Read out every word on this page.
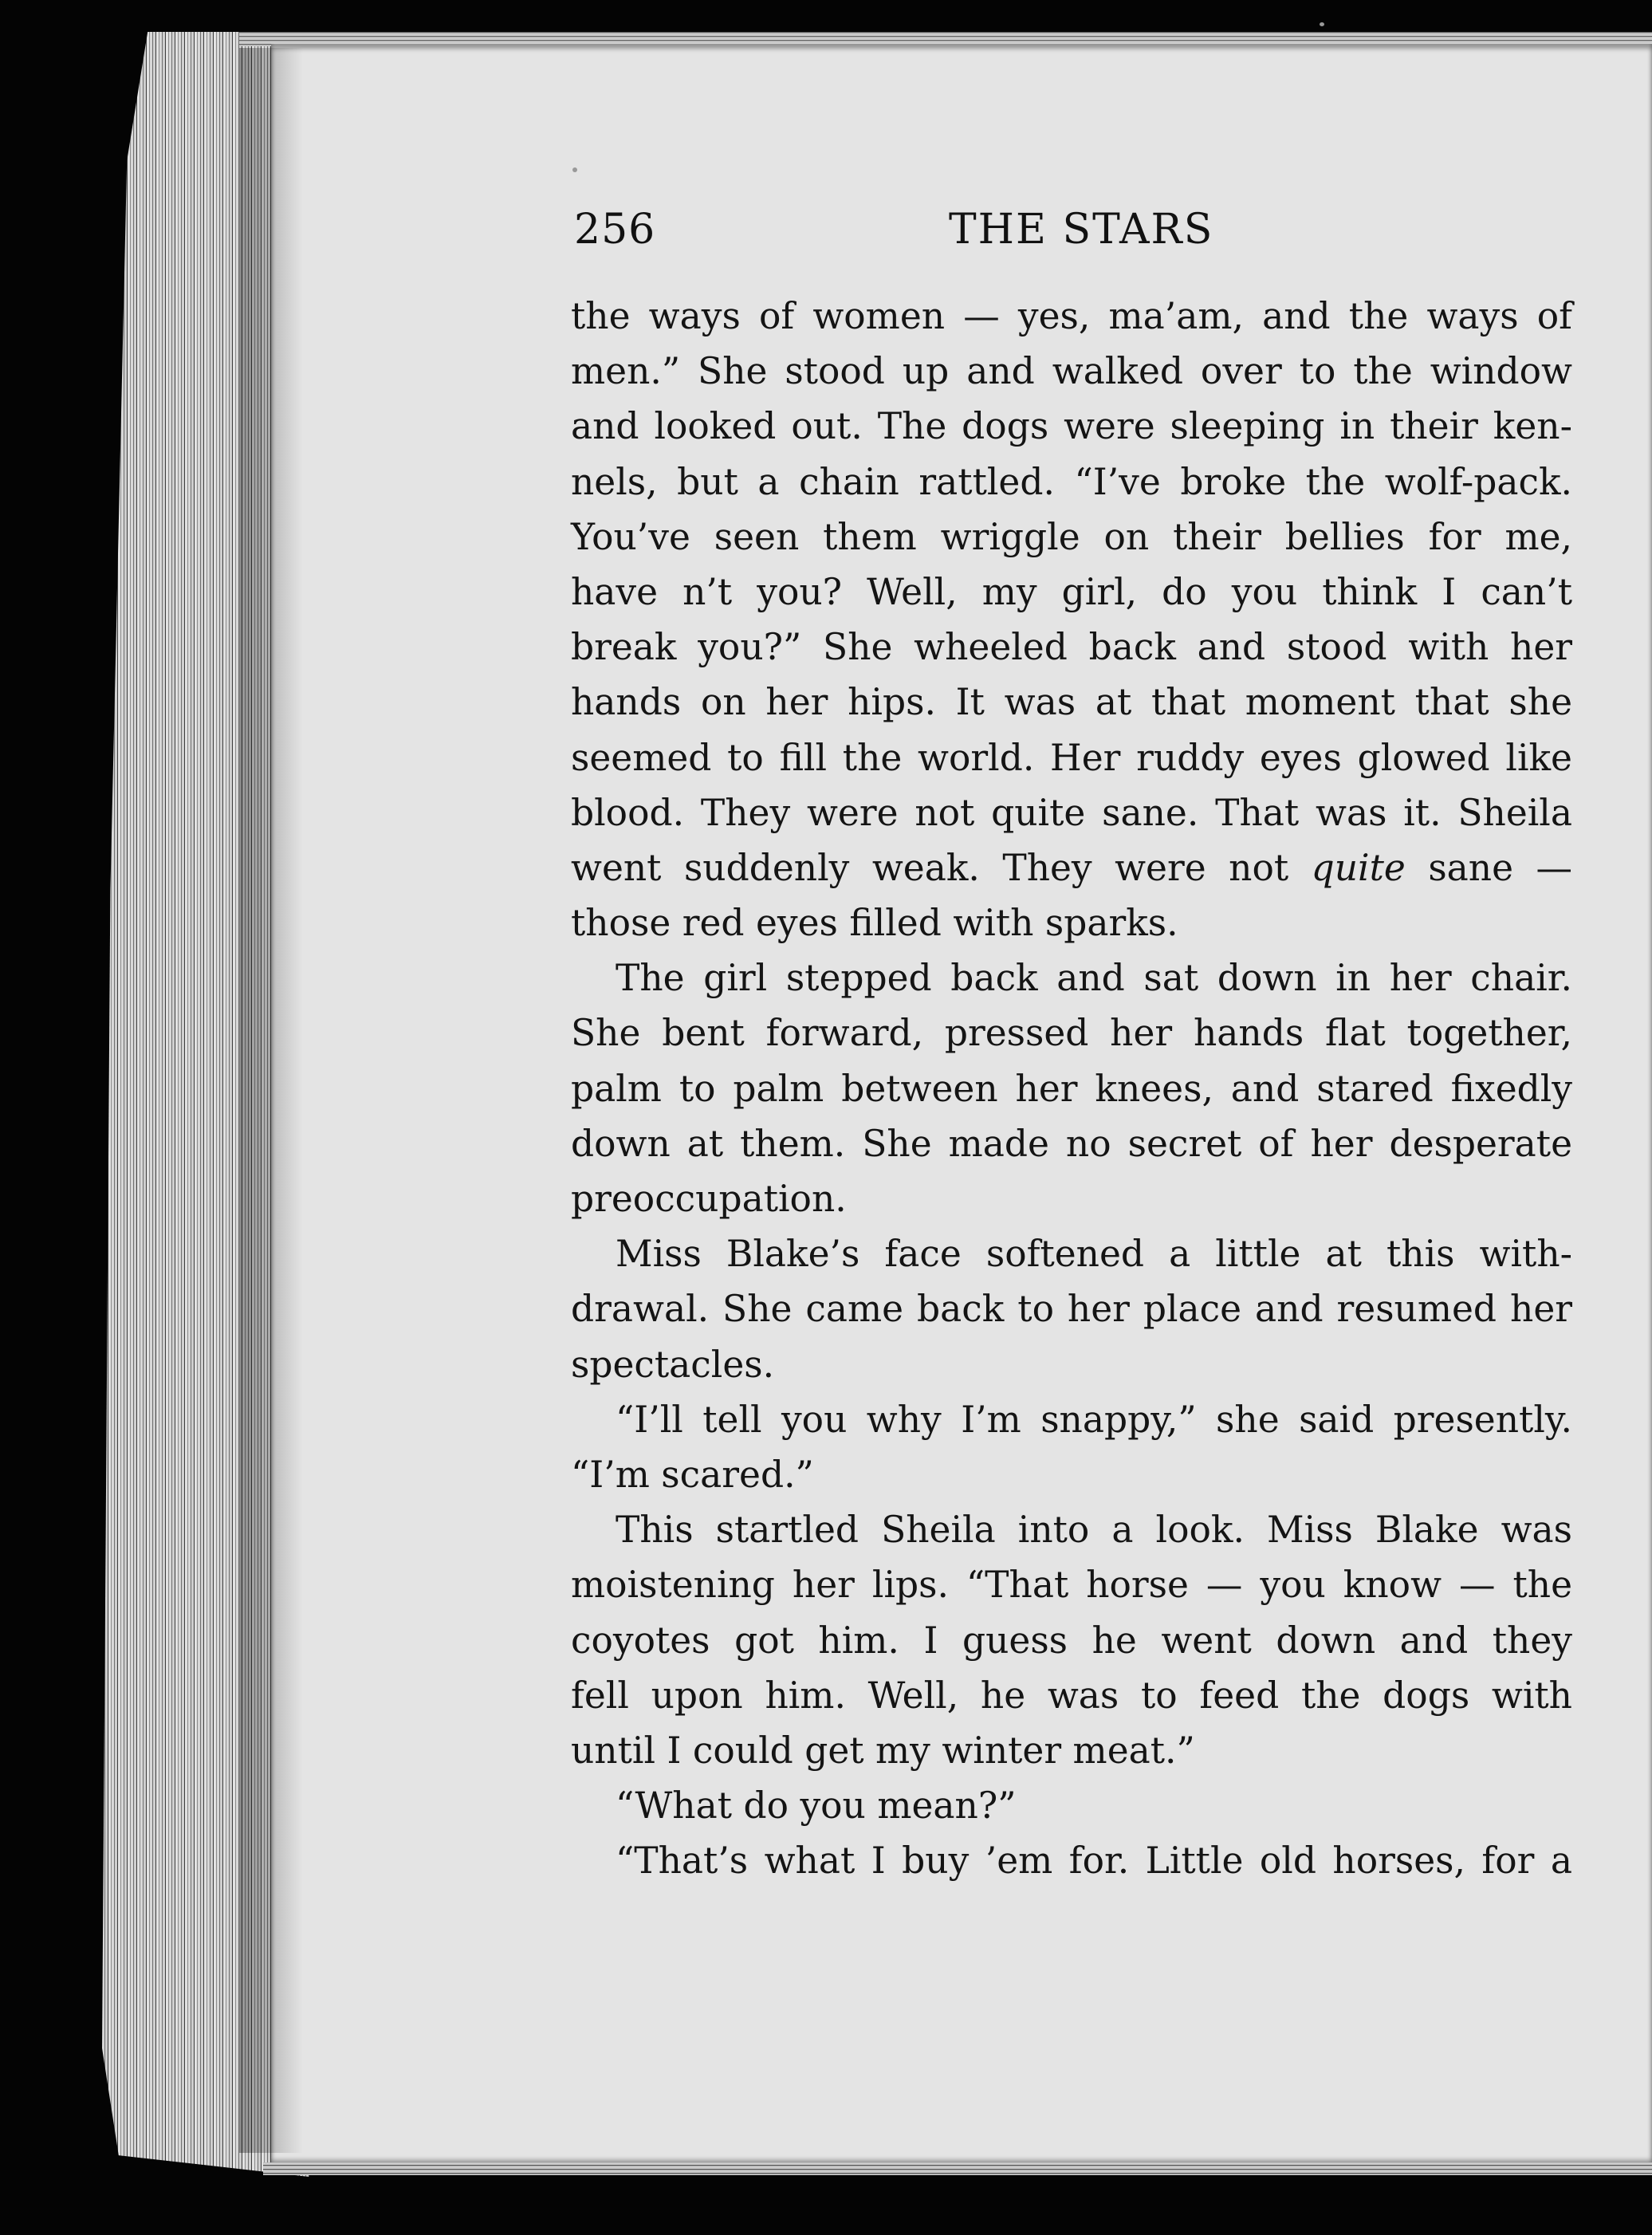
256	THE STARS
the ways of women — yes, ma’am, and the ways of
men.” She stood up and walked over to the window
and looked out. The dogs were sleeping in their ken-
nels, but a chain rattled. “I’ve broke the wolf-pack.
You’ve seen them wriggle on their bellies for me,
have n’t you? Well, my girl, do you think I can’t
break you?” She wheeled back and stood with her
hands on her hips. It was at that moment that she
seemed to fill the world. Her ruddy eyes glowed like
blood. They were not quite sane. That was it. Sheila
went suddenly weak. They were not quite sane —
those red eyes filled with sparks.
The girl stepped back and sat down in her chair.
She bent forward, pressed her hands flat together,
palm to palm between her knees, and stared fixedly
down at them. She made no secret of her desperate
preoccupation.
Miss Blake’s face softened a little at this with-
drawal. She came back to her place and resumed her
spectacles.
“I’ll tell you why I’m snappy,” she said presently.
“I’m scared.”
This startled Sheila into a look. Miss Blake was
moistening her lips. “That horse — you know — the
coyotes got him. I guess he went down and they
fell upon him. Well, he was to feed the dogs with
until I could get my winter meat.”
“What do you mean?”
“That’s what I buy ’em for. Little old horses, for a
